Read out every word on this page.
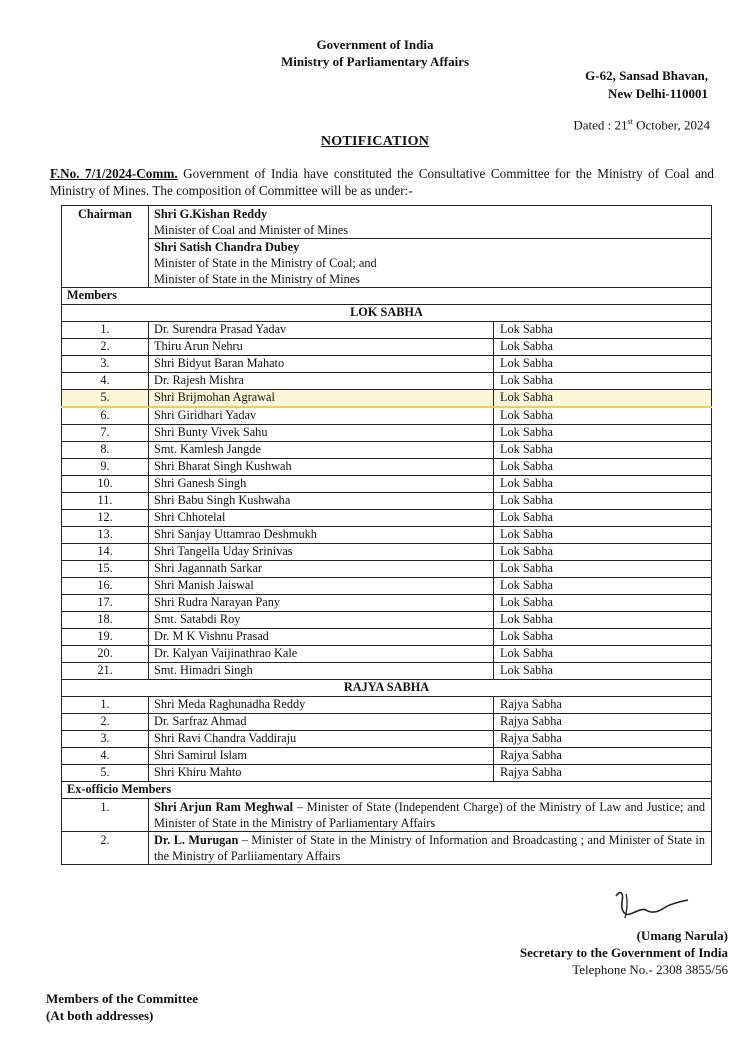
Government of India
Ministry of Parliamentary Affairs
G-62, Sansad Bhavan,
New Delhi-110001
Dated : 21st October, 2024
NOTIFICATION
F.No. 7/1/2024-Comm. Government of India have constituted the Consultative Committee for the Ministry of Coal and Ministry of Mines. The composition of Committee will be as under:-
Chairman	Shri G.Kishan Reddy
Minister of Coal and Minister of Mines	

	Shri Satish Chandra Dubey
Minister of State in the Ministry of Coal; and
Minister of State in the Ministry of Mines	

Members		
LOK SABHA		
1.	Dr. Surendra Prasad Yadav	Lok Sabha
2.	Thiru Arun Nehru	Lok Sabha
3.	Shri Bidyut Baran Mahato	Lok Sabha
4.	Dr. Rajesh Mishra	Lok Sabha
5.	Shri Brijmohan Agrawal	Lok Sabha
6.	Shri Giridhari Yadav	Lok Sabha
7.	Shri Bunty Vivek Sahu	Lok Sabha
8.	Smt. Kamlesh Jangde	Lok Sabha
9.	Shri Bharat Singh Kushwah	Lok Sabha
10.	Shri Ganesh Singh	Lok Sabha
11.	Shri Babu Singh Kushwaha	Lok Sabha
12.	Shri Chhotelal	Lok Sabha
13.	Shri Sanjay Uttamrao Deshmukh	Lok Sabha
14.	Shri Tangella Uday Srinivas	Lok Sabha
15.	Shri Jagannath Sarkar	Lok Sabha
16.	Shri Manish Jaiswal	Lok Sabha
17.	Shri Rudra Narayan Pany	Lok Sabha
18.	Smt. Satabdi Roy	Lok Sabha
19.	Dr. M K Vishnu Prasad	Lok Sabha
20.	Dr. Kalyan Vaijinathrao Kale	Lok Sabha
21.	Smt. Himadri Singh	Lok Sabha
RAJYA SABHA		
1.	Shri Meda Raghunadha Reddy	Rajya Sabha
2.	Dr. Sarfraz Ahmad	Rajya Sabha
3.	Shri Ravi Chandra Vaddiraju	Rajya Sabha
4.	Shri Samirul Islam	Rajya Sabha
5.	Shri Khiru Mahto	Rajya Sabha
Ex-officio Members		
1.	Shri Arjun Ram Meghwal – Minister of State (Independent Charge) of the Ministry of Law and Justice; and Minister of State in the Ministry of Parliamentary Affairs	
2.	Dr. L. Murugan – Minister of State in the Ministry of Information and Broadcasting ; and Minister of State in the Ministry of Parliiamentary Affairs	
(Umang Narula)
Secretary to the Government of India
Telephone No.- 2308 3855/56
Members of the Committee
(At both addresses)
